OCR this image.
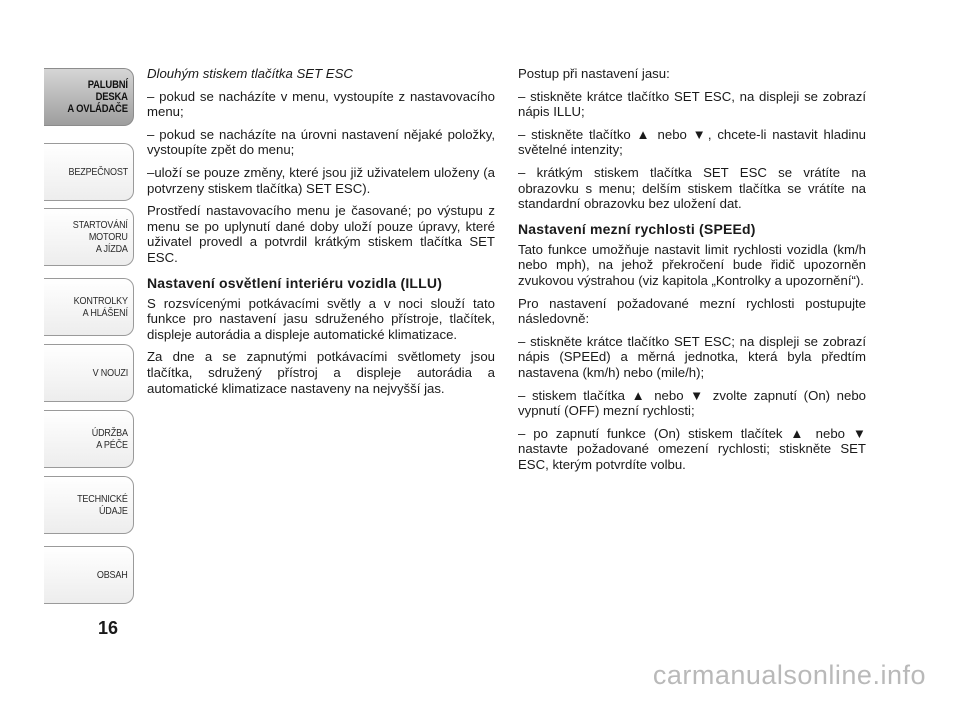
PALUBNÍ DESKA
A OVLÁDAČE
BEZPEČNOST
STARTOVÁNÍ
MOTORU
A JÍZDA
KONTROLKY
A HLÁŠENÍ
V NOUZI
ÚDRŽBA
A PÉČE
TECHNICKÉ
ÚDAJE
OBSAH
16

Dlouhým stiskem tlačítka SET ESC

– pokud se nacházíte v menu, vystoupíte z nastavovacího menu;

– pokud se nacházíte na úrovni nastavení nějaké položky, vystoupíte zpět do menu;

–uloží se pouze změny, které jsou již uživatelem uloženy (a potvrzeny stiskem tlačítka) SET ESC).

Prostředí nastavovacího menu je časované; po výstupu z menu se po uplynutí dané doby uloží pouze úpravy, které uživatel provedl a potvrdil krátkým stiskem tlačítka SET ESC.

Nastavení osvětlení interiéru vozidla (ILLU)

S rozsvícenými potkávacími světly a v noci slouží tato funkce pro nastavení jasu sdruženého přístroje, tlačítek, displeje autorádia a displeje automatické klimatizace.

Za dne a se zapnutými potkávacími světlomety jsou tlačítka, sdružený přístroj a displeje autorádia a automatické klimatizace nastaveny na nejvyšší jas.

Postup při nastavení jasu:

– stiskněte krátce tlačítko SET ESC, na displeji se zobrazí nápis ILLU;

– stiskněte tlačítko ▲ nebo ▼, chcete-li nastavit hladinu světelné intenzity;

– krátkým stiskem tlačítka SET ESC se vrátíte na obrazovku s menu; delším stiskem tlačítka se vrátíte na standardní obrazovku bez uložení dat.

Nastavení mezní rychlosti (SPEEd)

Tato funkce umožňuje nastavit limit rychlosti vozidla (km/h nebo mph), na jehož překročení bude řidič upozorněn zvukovou výstrahou (viz kapitola „Kontrolky a upozornění“).

Pro nastavení požadované mezní rychlosti postupujte následovně:

– stiskněte krátce tlačítko SET ESC; na displeji se zobrazí nápis (SPEEd) a měrná jednotka, která byla předtím nastavena (km/h) nebo (mile/h);

– stiskem tlačítka ▲ nebo ▼ zvolte zapnutí (On) nebo vypnutí (OFF) mezní rychlosti;

– po zapnutí funkce (On) stiskem tlačítek ▲ nebo ▼ nastavte požadované omezení rychlosti; stiskněte SET ESC, kterým potvrdíte volbu.

carmanualsonline.info
